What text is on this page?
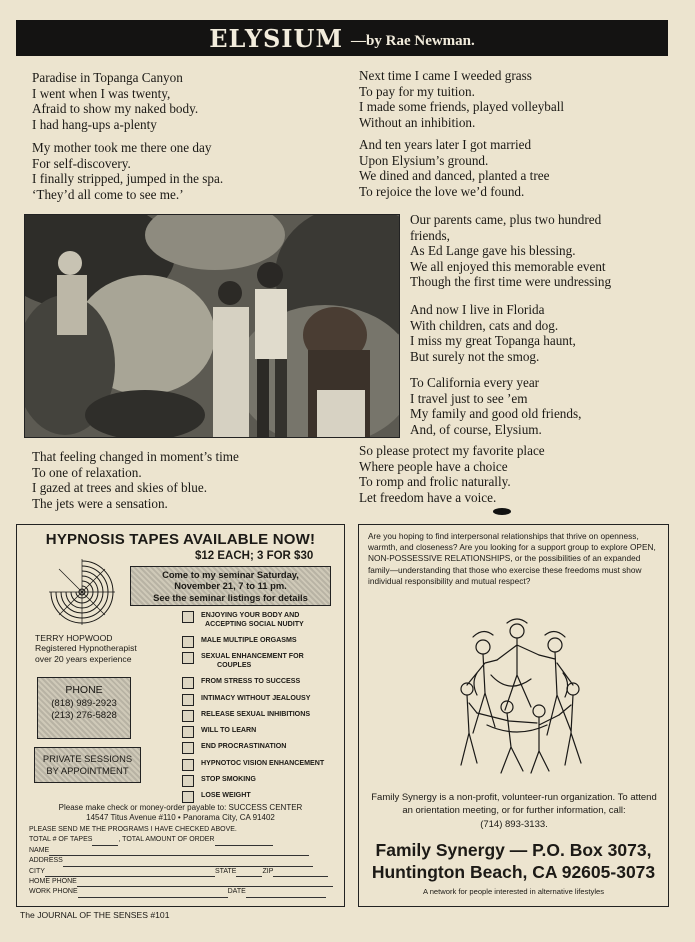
ELYSIUM —by Rae Newman.
Paradise in Topanga Canyon
I went when I was twenty,
Afraid to show my naked body.
I had hang-ups a-plenty
My mother took me there one day
For self-discovery.
I finally stripped, jumped in the spa.
‘They’d all come to see me.’
Next time I came I weeded grass
To pay for my tuition.
I made some friends, played volleyball
Without an inhibition.
And ten years later I got married
Upon Elysium’s ground.
We dined and danced, planted a tree
To rejoice the love we’d found.
Our parents came, plus two hundred
friends,
As Ed Lange gave his blessing.
We all enjoyed this memorable event
Though the first time were undressing
And now I live in Florida
With children, cats and dog.
I miss my great Topanga haunt,
But surely not the smog.
To California every year
I travel just to see ’em
My family and good old friends,
And, of course, Elysium.
So please protect my favorite place
Where people have a choice
To romp and frolic naturally.
Let freedom have a voice.
That feeling changed in moment’s time
To one of relaxation.
I gazed at trees and skies of blue.
The jets were a sensation.
HYPNOSIS TAPES AVAILABLE NOW!
$12 EACH; 3 FOR $30
Come to my seminar Saturday,
November 21, 7 to 11 pm.
See the seminar listings for details
TERRY HOPWOOD
Registered Hypnotherapist
over 20 years experience
PHONE
(818) 989-2923
(213) 276-5828
PRIVATE SESSIONS
BY APPOINTMENT
ENJOYING YOUR BODY AND
ACCEPTING SOCIAL NUDITY
MALE MULTIPLE ORGASMS
SEXUAL ENHANCEMENT FOR
COUPLES
FROM STRESS TO SUCCESS
INTIMACY WITHOUT JEALOUSY
RELEASE SEXUAL INHIBITIONS
WILL TO LEARN
END PROCRASTINATION
HYPNOTOC VISION ENHANCEMENT
STOP SMOKING
LOSE WEIGHT
Please make check or money-order payable to: SUCCESS CENTER
14547 Titus Avenue #110 • Panorama City, CA 91402
PLEASE SEND ME THE PROGRAMS I HAVE CHECKED ABOVE.
TOTAL # OF TAPES	, TOTAL AMOUNT OF ORDER
NAME
ADDRESS
CITY	STATE	ZIP
HOME PHONE
WORK PHONE	DATE
Are you hoping to find interpersonal relationships that thrive on openness, warmth, and closeness? Are you looking for a support group to explore OPEN, NON-POSSESSIVE RELATIONSHIPS, or the possibilities of an expanded family—understanding that those who exercise these freedoms must show individual responsibility and mutual respect?
Family Synergy is a non-profit, volunteer-run organization. To attend an orientation meeting, or for further information, call:
(714) 893-3133.
Family Synergy — P.O. Box 3073,
Huntington Beach, CA 92605-3073
A network for people interested in alternative lifestyles
The JOURNAL OF THE SENSES #101
